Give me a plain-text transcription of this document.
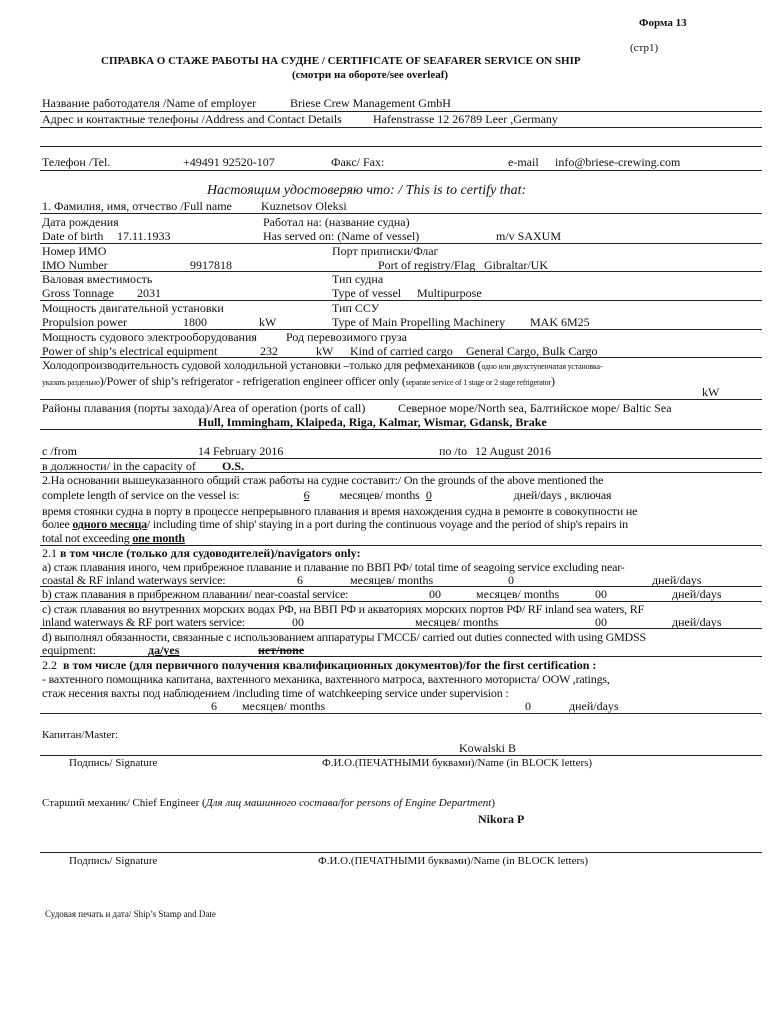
Форма 13
(стр1)
СПРАВКА О СТАЖЕ РАБОТЫ НА СУДНЕ / CERTIFICATE OF SEAFARER SERVICE ON SHIP
(смотри на обороте/see overleaf)
Название работодателя /Name of employer	Briese Crew Management GmbH
Адрес и контактные телефоны /Address and Contact Details	Hafenstrasse 12 26789 Leer ,Germany
Телефон /Tel.	+49491 92520-107	Факс/ Fax:	e-mail info@briese-crewing.com
Настоящим удостоверяю что: / This is to certify that:
1. Фамилия, имя, отчество /Full name Kuznetsov Oleksi
Дата рождения	Работал на: (название судна)
Date of birth 17.11.1933	Has served on: (Name of vessel)	m/v SAXUM
Номер ИМО	Порт приписки/Флаг
IMO Number	9917818	Port of registry/Flag Gibraltar/UK
Валовая вместимость	Тип судна
Gross Tonnage 2031	Type of vessel Multipurpose
Мощность двигательной установки	Тип ССУ
Propulsion power	1800	kW	Type of Main Propelling Machinery MAK 6M25
Мощность судового электрооборудования Род перевозимого груза
Power of ship’s electrical equipment	232	kW Kind of carried cargo General Cargo, Bulk Cargo
Холодопроизводительность судовой холодильной установки –только для рефмехаников (одно или двухступенчатая установка-
указать раздельно)/Power of ship’s refrigerator - refrigeration engineer officer only (separate service of 1 stage or 2 stage refrigerator)
kW
Районы плавания (порты захода)/Area of operation (ports of call)	Северное море/North sea, Балтийское море/ Baltic Sea
Hull, Immingham, Klaipeda, Riga, Kalmar, Wismar, Gdansk, Brake
с /from	14 February 2016	по /to 12 August 2016
в должности/ in the capacity of O.S.
2.На основании вышеуказанного общий стаж работы на судне составит:/ On the grounds of the above mentioned the
complete length of service on the vessel is:	6	месяцев/ months 0	дней/days , включая
время стоянки судна в порту в процессе непрерывного плавания и время нахождения судна в ремонте в совокупности не
более одного месяца/ including time of ship' staying in a port during the continuous voyage and the period of ship's repairs in
total not exceeding one month
2.1 в том числе (только для судоводителей)/navigators only:
а) стаж плавания иного, чем прибрежное плавание и плавание по ВВП РФ/ total time of seagoing service excluding near-
coastal & RF inland waterways service:	6	месяцев/ months	0	дней/days
b) стаж плавания в прибрежном плавании/ near-coastal service:	00	месяцев/ months	00	дней/days
c) стаж плавания во внутренних морских водах РФ, на ВВП РФ и акваториях морских портов РФ/ RF inland sea waters, RF
inland waterways & RF port waters service:	00	месяцев/ months	00	дней/days
d) выполнял обязанности, связанные с использованием аппаратуры ГМССБ/ carried out duties connected with using GMDSS
equipment:	да/yes	нет/none
2.2 в том числе (для первичного получения квалификационных документов)/for the first certification :
- вахтенного помощника капитана, вахтенного механика, вахтенного матроса, вахтенного моториста/ OOW ,ratings,
стаж несения вахты под наблюдением /including time of watchkeeping service under supervision :
6 месяцев/ months	0	дней/days
Капитан/Master:
Kowalski B
Подпись/ Signature	Ф.И.О.(ПЕЧАТНЫМИ буквами)/Name (in BLOCK letters)
Старший механик/ Chief Engineer (Для лиц машинного состава/for persons of Engine Department)
Nikora P
Подпись/ Signature	Ф.И.О.(ПЕЧАТНЫМИ буквами)/Name (in BLOCK letters)
Судовая печать и дата/ Ship’s Stamp and Date
